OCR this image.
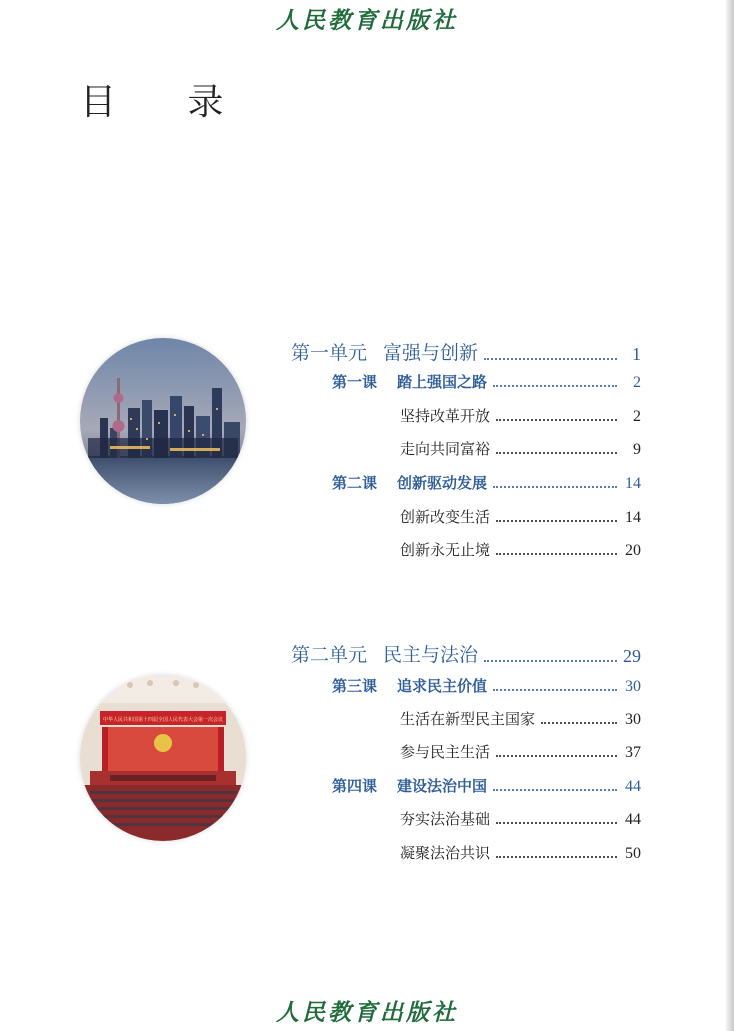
人民教育出版社
目 录
中华人民共和国第十四届全国人民代表大会第一次会议
第一单元 富强与创新	1
第一课 踏上强国之路	2
坚持改革开放	2
走向共同富裕	9
第二课 创新驱动发展	14
创新改变生活	14
创新永无止境	20
第二单元 民主与法治	29
第三课 追求民主价值	30
生活在新型民主国家	30
参与民主生活	37
第四课 建设法治中国	44
夯实法治基础	44
凝聚法治共识	50
人民教育出版社
